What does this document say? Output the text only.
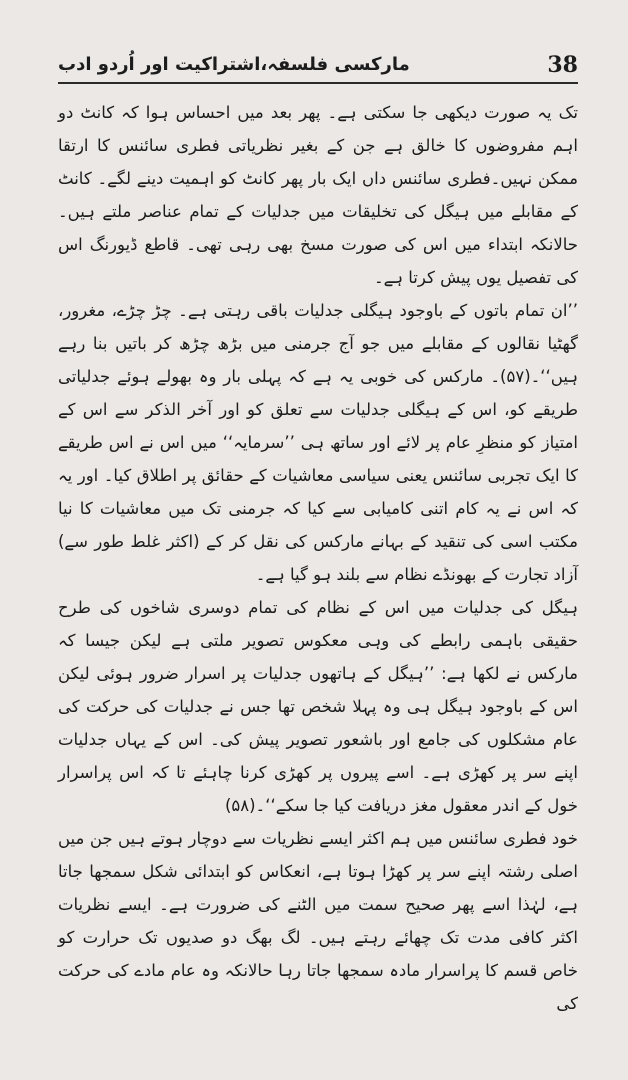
38
مارکسی فلسفہ،اشتراکیت اور اُردو ادب

تک یہ صورت دیکھی جا سکتی ہے۔ پھر بعد میں احساس ہوا کہ کانٹ دو اہم مفروضوں کا خالق ہے جن کے بغیر نظریاتی فطری سائنس کا ارتقا ممکن نہیں۔فطری سائنس داں ایک بار پھر کانٹ کو اہمیت دینے لگے۔ کانٹ کے مقابلے میں ہیگل کی تخلیقات میں جدلیات کے تمام عناصر ملتے ہیں۔ حالانکہ ابتداء میں اس کی صورت مسخ بھی رہی تھی۔ قاطع ڈیورنگ اس کی تفصیل یوں پیش کرتا ہے۔

’’ان تمام باتوں کے باوجود ہیگلی جدلیات باقی رہتی ہے۔ چڑ چڑے، مغرور، گھٹیا نقالوں کے مقابلے میں جو آج جرمنی میں بڑھ چڑھ کر باتیں بنا رہے ہیں‘‘۔(۵۷)۔ مارکس کی خوبی یہ ہے کہ پہلی بار وہ بھولے ہوئے جدلیاتی طریقے کو، اس کے ہیگلی جدلیات سے تعلق کو اور آخر الذکر سے اس کے امتیاز کو منظرِ عام پر لائے اور ساتھ ہی ’’سرمایہ‘‘ میں اس نے اس طریقے کا ایک تجربی سائنس یعنی سیاسی معاشیات کے حقائق پر اطلاق کیا۔ اور یہ کہ اس نے یہ کام اتنی کامیابی سے کیا کہ جرمنی تک میں معاشیات کا نیا مکتب اسی کی تنقید کے بہانے مارکس کی نقل کر کے (اکثر غلط طور سے) آزاد تجارت کے بھونڈے نظام سے بلند ہو گیا ہے۔

ہیگل کی جدلیات میں اس کے نظام کی تمام دوسری شاخوں کی طرح حقیقی باہمی رابطے کی وہی معکوس تصویر ملتی ہے لیکن جیسا کہ مارکس نے لکھا ہے: ’’ہیگل کے ہاتھوں جدلیات پر اسرار ضرور ہوئی لیکن اس کے باوجود ہیگل ہی وہ پہلا شخص تھا جس نے جدلیات کی حرکت کی عام مشکلوں کی جامع اور باشعور تصویر پیش کی۔ اس کے یہاں جدلیات اپنے سر پر کھڑی ہے۔ اسے پیروں پر کھڑی کرنا چاہئے تا کہ اس پراسرار خول کے اندر معقول مغز دریافت کیا جا سکے‘‘۔(۵۸)

خود فطری سائنس میں ہم اکثر ایسے نظریات سے دوچار ہوتے ہیں جن میں اصلی رشتہ اپنے سر پر کھڑا ہوتا ہے، انعکاس کو ابتدائی شکل سمجھا جاتا ہے، لہٰذا اسے پھر صحیح سمت میں الٹنے کی ضرورت ہے۔ ایسے نظریات اکثر کافی مدت تک چھائے رہتے ہیں۔ لگ بھگ دو صدیوں تک حرارت کو خاص قسم کا پراسرار مادہ سمجھا جاتا رہا حالانکہ وہ عام مادے کی حرکت کی
